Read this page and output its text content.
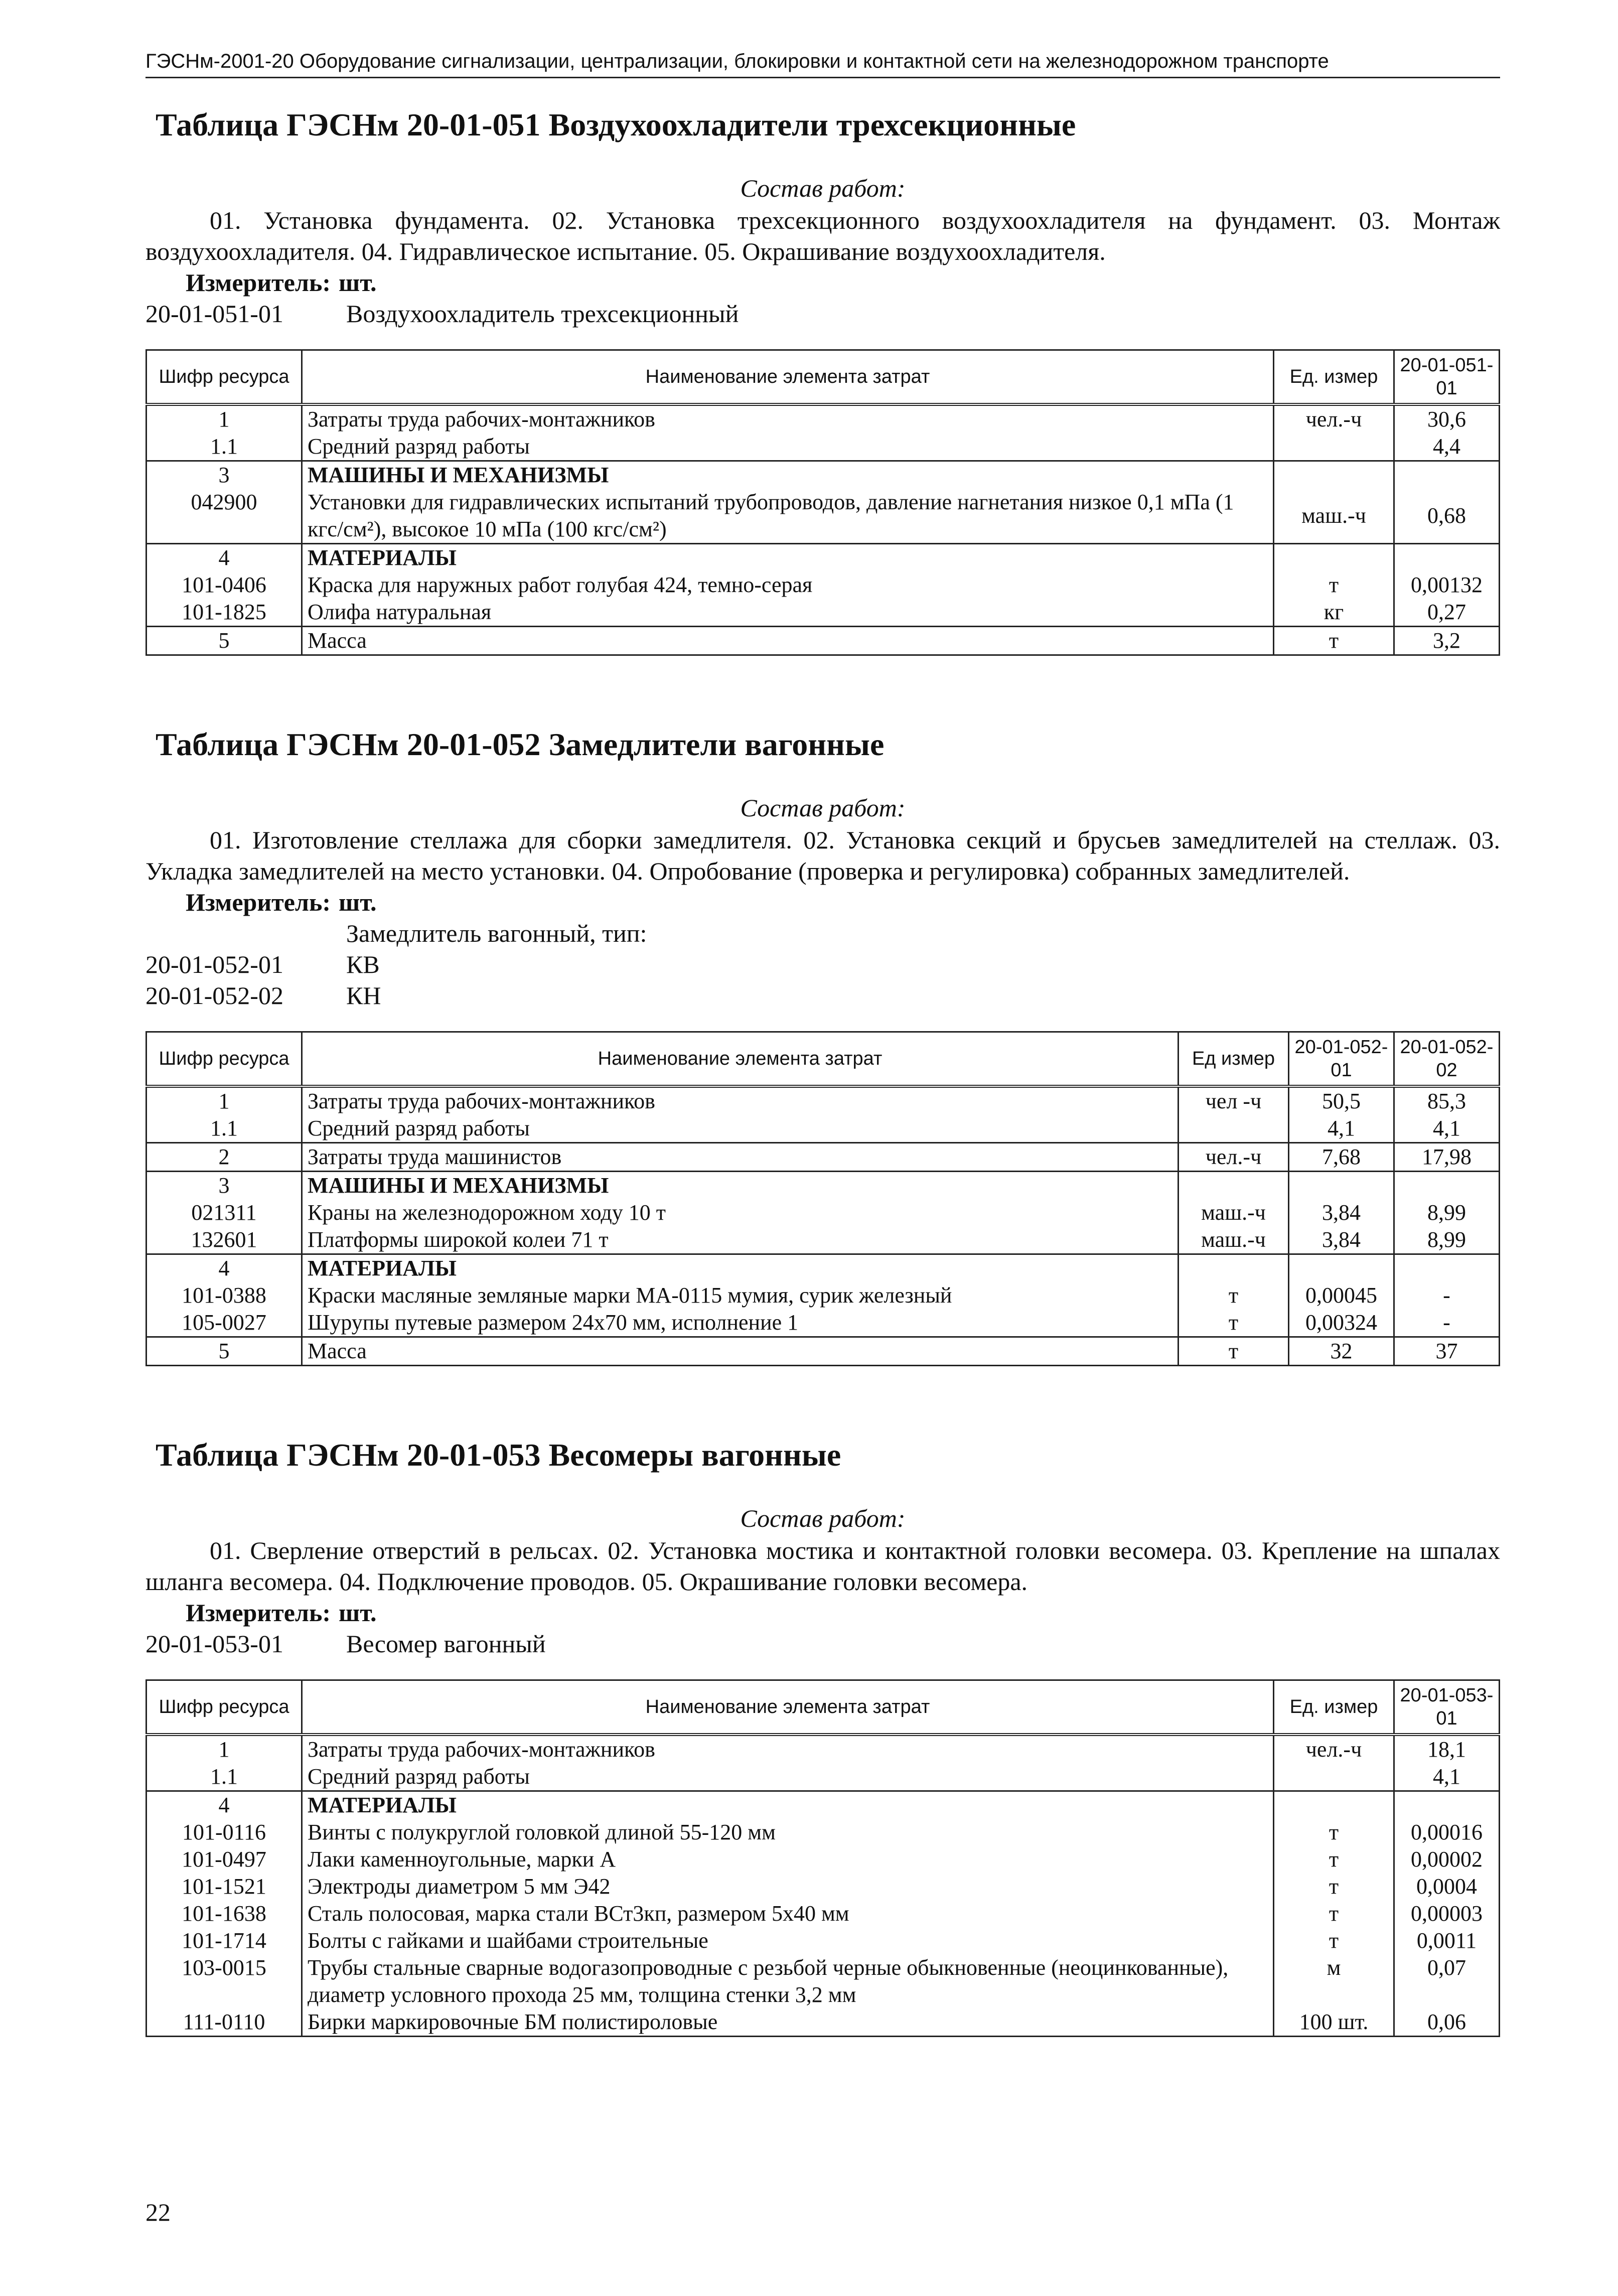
ГЭСНм-2001-20 Оборудование сигнализации, централизации, блокировки и контактной сети на железнодорожном транспорте
Таблица ГЭСНм 20-01-051 Воздухоохладители трехсекционные
Состав работ:

01. Установка фундамента. 02. Установка трехсекционного воздухоохладителя на фундамент. 03. Монтаж воздухоохладителя. 04. Гидравлическое испытание. 05. Окрашивание воздухоохладителя.

Измеритель: шт.
20-01-051-01	Воздухоохладитель трехсекционный
Шифр ресурса	Наименование элемента затрат	Ед. измер	20-01-051-01
1	Затраты труда рабочих-монтажников	чел.-ч	30,6
1.1	Средний разряд работы		4,4
3	МАШИНЫ И МЕХАНИЗМЫ		
042900	Установки для гидравлических испытаний трубопроводов, давление нагнетания низкое 0,1 мПа (1 кгс/см²), высокое 10 мПа (100 кгс/см²)	маш.-ч	0,68
4	МАТЕРИАЛЫ		
101-0406	Краска для наружных работ голубая 424, темно-серая	т	0,00132
101-1825	Олифа натуральная	кг	0,27
5	Масса	т	3,2
Таблица ГЭСНм 20-01-052 Замедлители вагонные
Состав работ:

01. Изготовление стеллажа для сборки замедлителя. 02. Установка секций и брусьев замедлителей на стеллаж. 03. Укладка замедлителей на место установки. 04. Опробование (проверка и регулировка) собранных замедлителей.

Измеритель: шт.
Замедлитель вагонный, тип:
20-01-052-01	КВ
20-01-052-02	КН
Шифр ресурса	Наименование элемента затрат	Ед измер	20-01-052-01	20-01-052-02
1	Затраты труда рабочих-монтажников	чел -ч	50,5	85,3
1.1	Средний разряд работы		4,1	4,1
2	Затраты труда машинистов	чел.-ч	7,68	17,98
3	МАШИНЫ И МЕХАНИЗМЫ			
021311	Краны на железнодорожном ходу 10 т	маш.-ч	3,84	8,99
132601	Платформы широкой колеи 71 т	маш.-ч	3,84	8,99
4	МАТЕРИАЛЫ			
101-0388	Краски масляные земляные марки МА-0115 мумия, сурик железный	т	0,00045	-
105-0027	Шурупы путевые размером 24x70 мм, исполнение 1	т	0,00324	-
5	Масса	т	32	37
Таблица ГЭСНм 20-01-053 Весомеры вагонные
Состав работ:

01. Сверление отверстий в рельсах. 02. Установка мостика и контактной головки весомера. 03. Крепление на шпалах шланга весомера. 04. Подключение проводов. 05. Окрашивание головки весомера.

Измеритель: шт.
20-01-053-01	Весомер вагонный
Шифр ресурса	Наименование элемента затрат	Ед. измер	20-01-053-01
1	Затраты труда рабочих-монтажников	чел.-ч	18,1
1.1	Средний разряд работы		4,1
4	МАТЕРИАЛЫ		
101-0116	Винты с полукруглой головкой длиной 55-120 мм	т	0,00016
101-0497	Лаки каменноугольные, марки А	т	0,00002
101-1521	Электроды диаметром 5 мм Э42	т	0,0004
101-1638	Сталь полосовая, марка стали ВСт3кп, размером 5x40 мм	т	0,00003
101-1714	Болты с гайками и шайбами строительные	т	0,0011
103-0015	Трубы стальные сварные водогазопроводные с резьбой черные обыкновенные (неоцинкованные), диаметр условного прохода 25 мм, толщина стенки 3,2 мм	м	0,07
111-0110	Бирки маркировочные БМ полистироловые	100 шт.	0,06
22
